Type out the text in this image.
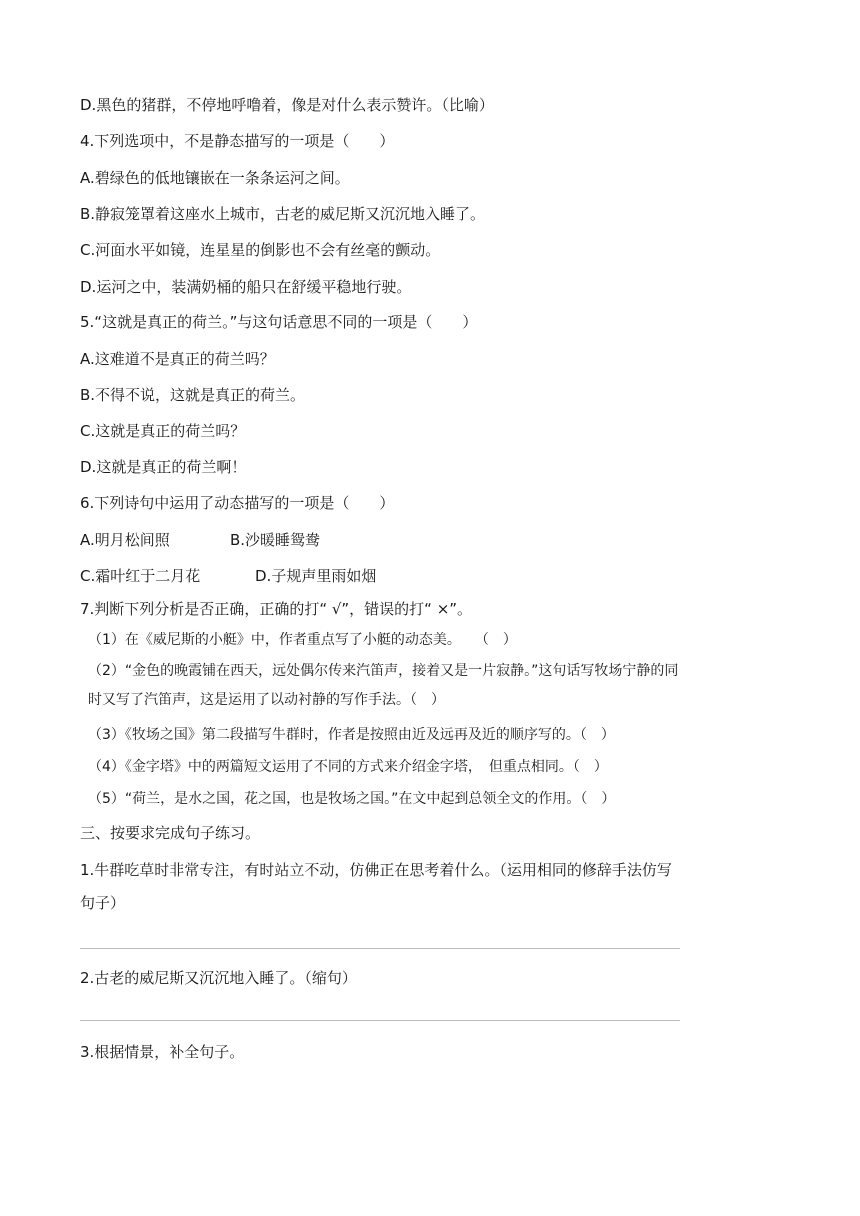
D.黑色的猪群，不停地呼噜着，像是对什么表示赞许。（比喻）
4.下列选项中，不是静态描写的一项是（　　）
A.碧绿色的低地镶嵌在一条条运河之间。
B.静寂笼罩着这座水上城市，古老的威尼斯又沉沉地入睡了。
C.河面水平如镜，连星星的倒影也不会有丝毫的颤动。
D.运河之中，装满奶桶的船只在舒缓平稳地行驶。
5.“这就是真正的荷兰。”与这句话意思不同的一项是（　　）
A.这难道不是真正的荷兰吗？
B.不得不说，这就是真正的荷兰。
C.这就是真正的荷兰吗？
D.这就是真正的荷兰啊！
6.下列诗句中运用了动态描写的一项是（　　）
A.明月松间照	B.沙暖睡鸳鸯
C.霜叶红于二月花	D.子规声里雨如烟
7.判断下列分析是否正确，正确的打“ √”，错误的打“ ×”。
（1）在《威尼斯的小艇》中，作者重点写了小艇的动态美。　　（　）
（2）“金色的晚霞铺在西天，远处偶尔传来汽笛声，接着又是一片寂静。”这句话写牧场宁静的同
时又写了汽笛声，这是运用了以动衬静的写作手法。（　）
（3）《牧场之国》第二段描写牛群时，作者是按照由近及远再及近的顺序写的。（　）
（4）《金字塔》中的两篇短文运用了不同的方式来介绍金字塔，　但重点相同。（　）
（5）“荷兰，是水之国，花之国，也是牧场之国。”在文中起到总领全文的作用。（　）
三、按要求完成句子练习。
1.牛群吃草时非常专注，有时站立不动，仿佛正在思考着什么。（运用相同的修辞手法仿写
句子）
2.古老的威尼斯又沉沉地入睡了。（缩句）
3.根据情景，补全句子。
